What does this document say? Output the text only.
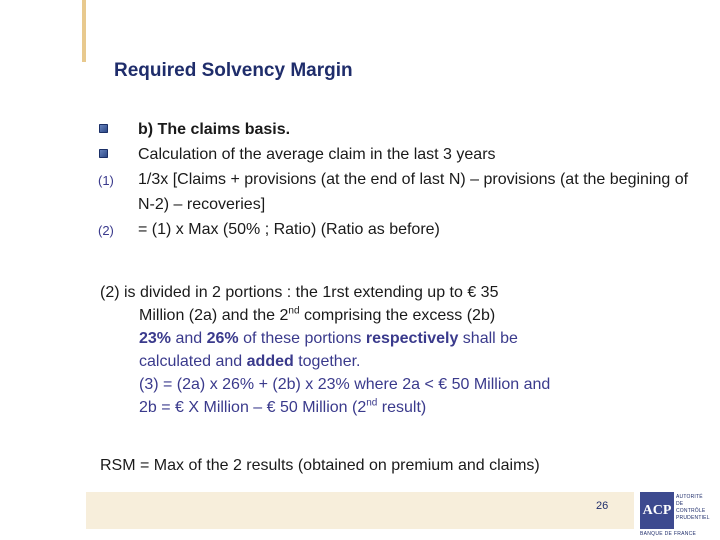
Required Solvency Margin
b) The claims basis.
Calculation of the average claim in the last 3 years
(1) 1/3x [Claims + provisions (at the end of last N) – provisions (at the begining of N-2) – recoveries]
(2) = (1) x Max (50% ; Ratio) (Ratio as before)

(2) is divided in 2 portions : the 1rst extending up to € 35

Million (2a) and the 2nd comprising the excess (2b)

23% and 26% of these portions respectively shall be

calculated and added together.

(3) = (2a) x 26% + (2b) x 23% where 2a < € 50 Million and

2b = € X Million – € 50 Million (2nd result)

RSM = Max of the 2 results (obtained on premium and claims)
26 ACP
AUTORITÉ
DE CONTRÔLE
PRUDENTIEL
BANQUE DE FRANCE
